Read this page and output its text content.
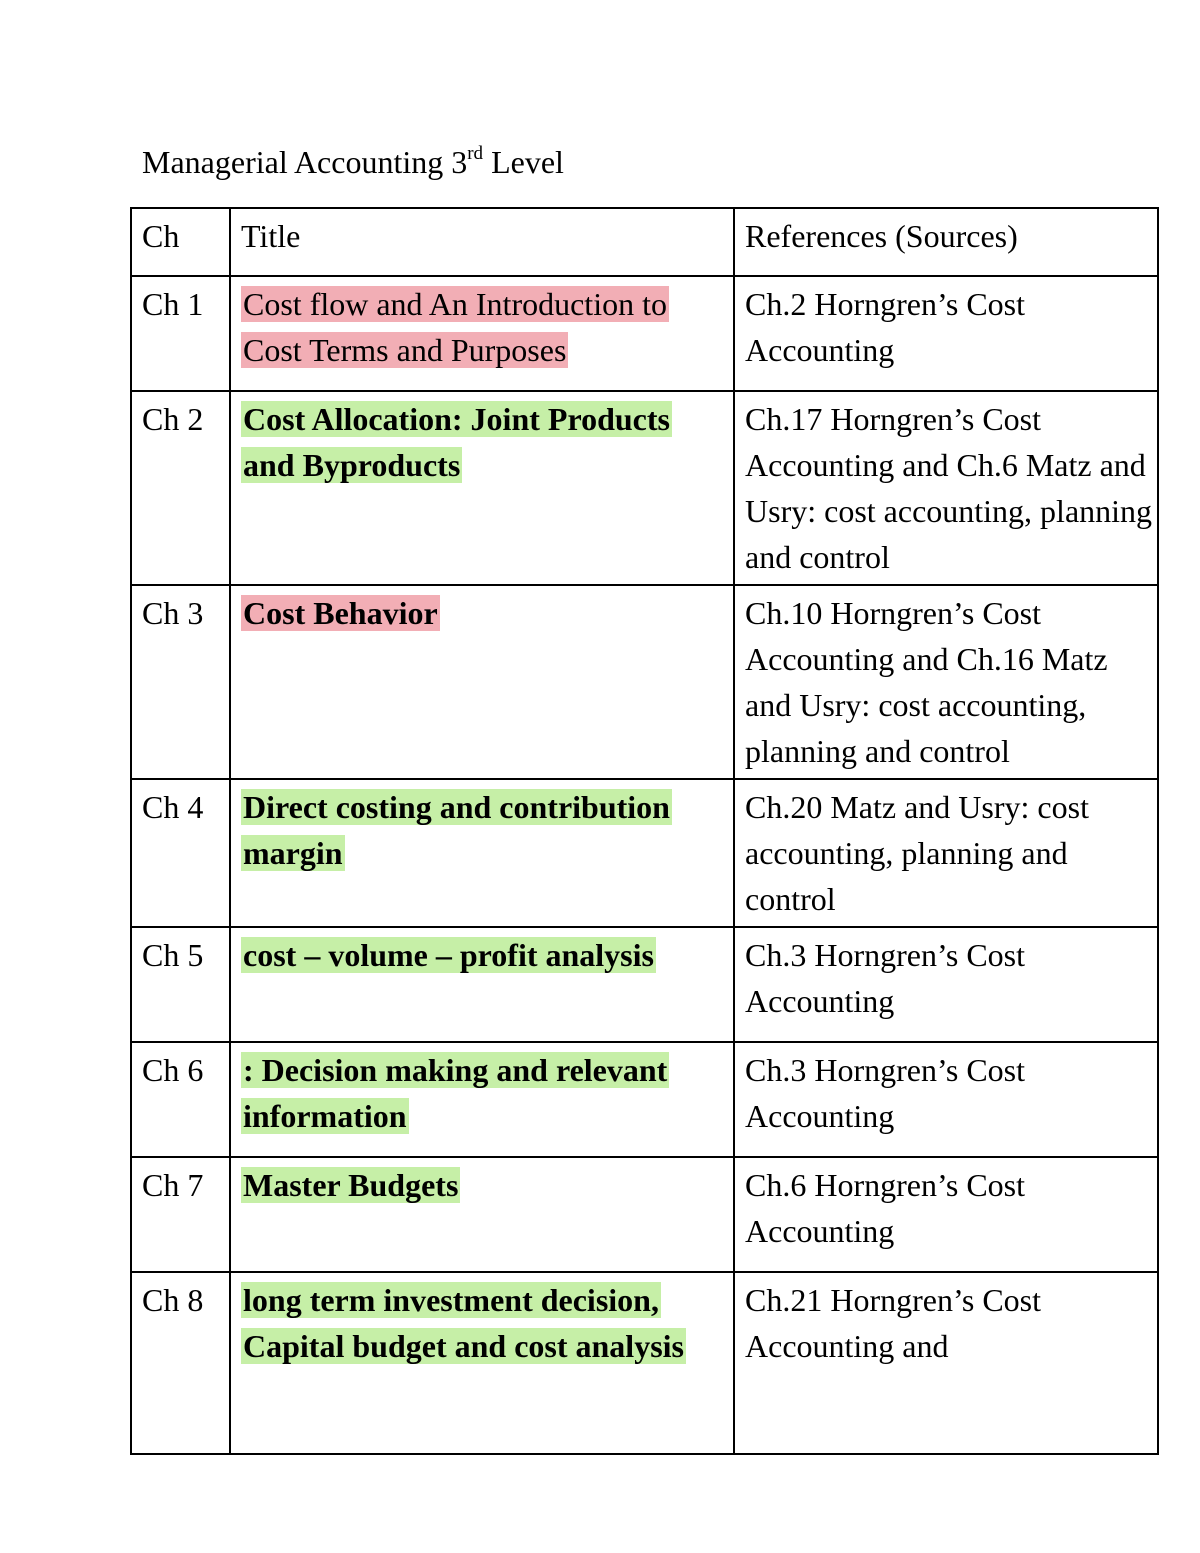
Managerial Accounting 3rd Level
Ch	Title	References (Sources)
Ch 1	Cost flow and An Introduction to Cost Terms and Purposes	Ch.2 Horngren’s Cost Accounting
Ch 2	Cost Allocation: Joint Products and Byproducts	Ch.17 Horngren’s Cost Accounting and Ch.6 Matz and Usry: cost accounting, planning and control
Ch 3	Cost Behavior	Ch.10 Horngren’s Cost Accounting and Ch.16 Matz and Usry: cost accounting, planning and control
Ch 4	Direct costing and contribution margin	Ch.20 Matz and Usry: cost accounting, planning and control
Ch 5	cost – volume – profit analysis	Ch.3 Horngren’s Cost Accounting
Ch 6	: Decision making and relevant information	Ch.3 Horngren’s Cost Accounting
Ch 7	Master Budgets	Ch.6 Horngren’s Cost Accounting
Ch 8	long term investment decision, Capital budget and cost analysis	Ch.21 Horngren’s Cost Accounting and
